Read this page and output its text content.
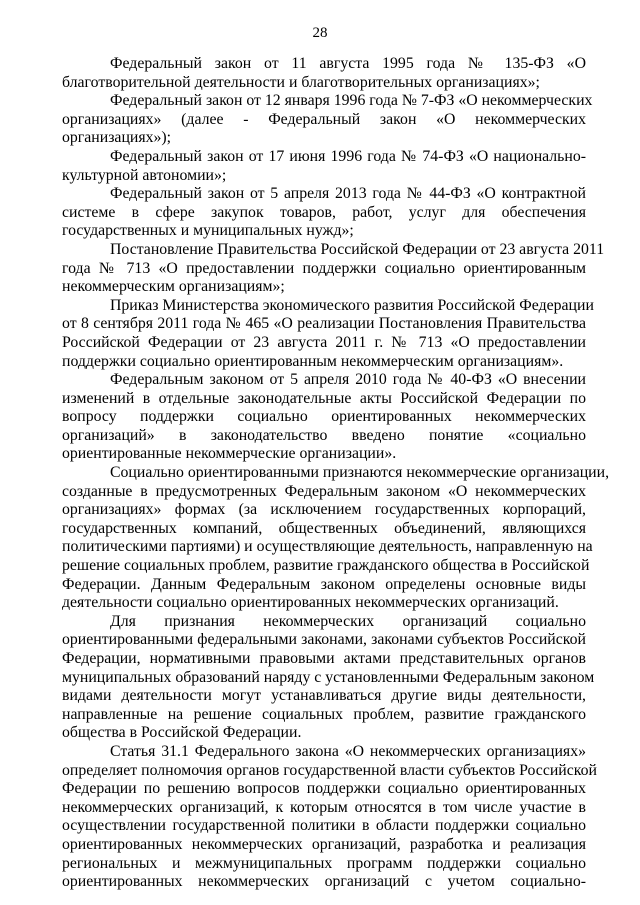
28
Федеральный закон от 11 августа 1995 года № 135-ФЗ «О
благотворительной деятельности и благотворительных организациях»;
Федеральный закон от 12 января 1996 года № 7-ФЗ «О некоммерческих
организациях» (далее - Федеральный закон «О некоммерческих
организациях»);
Федеральный закон от 17 июня 1996 года № 74-ФЗ «О национально-
культурной автономии»;
Федеральный закон от 5 апреля 2013 года № 44-ФЗ «О контрактной
системе в сфере закупок товаров, работ, услуг для обеспечения
государственных и муниципальных нужд»;
Постановление Правительства Российской Федерации от 23 августа 2011
года № 713 «О предоставлении поддержки социально ориентированным
некоммерческим организациям»;
Приказ Министерства экономического развития Российской Федерации
от 8 сентября 2011 года № 465 «О реализации Постановления Правительства
Российской Федерации от 23 августа 2011 г. № 713 «О предоставлении
поддержки социально ориентированным некоммерческим организациям».
Федеральным законом от 5 апреля 2010 года № 40-ФЗ «О внесении
изменений в отдельные законодательные акты Российской Федерации по
вопросу поддержки социально ориентированных некоммерческих
организаций» в законодательство введено понятие «социально
ориентированные некоммерческие организации».
Социально ориентированными признаются некоммерческие организации,
созданные в предусмотренных Федеральным законом «О некоммерческих
организациях» формах (за исключением государственных корпораций,
государственных компаний, общественных объединений, являющихся
политическими партиями) и осуществляющие деятельность, направленную на
решение социальных проблем, развитие гражданского общества в Российской
Федерации. Данным Федеральным законом определены основные виды
деятельности социально ориентированных некоммерческих организаций.
Для признания некоммерческих организаций социально
ориентированными федеральными законами, законами субъектов Российской
Федерации, нормативными правовыми актами представительных органов
муниципальных образований наряду с установленными Федеральным законом
видами деятельности могут устанавливаться другие виды деятельности,
направленные на решение социальных проблем, развитие гражданского
общества в Российской Федерации.
Статья 31.1 Федерального закона «О некоммерческих организациях»
определяет полномочия органов государственной власти субъектов Российской
Федерации по решению вопросов поддержки социально ориентированных
некоммерческих организаций, к которым относятся в том числе участие в
осуществлении государственной политики в области поддержки социально
ориентированных некоммерческих организаций, разработка и реализация
региональных и межмуниципальных программ поддержки социально
ориентированных некоммерческих организаций с учетом социально-
